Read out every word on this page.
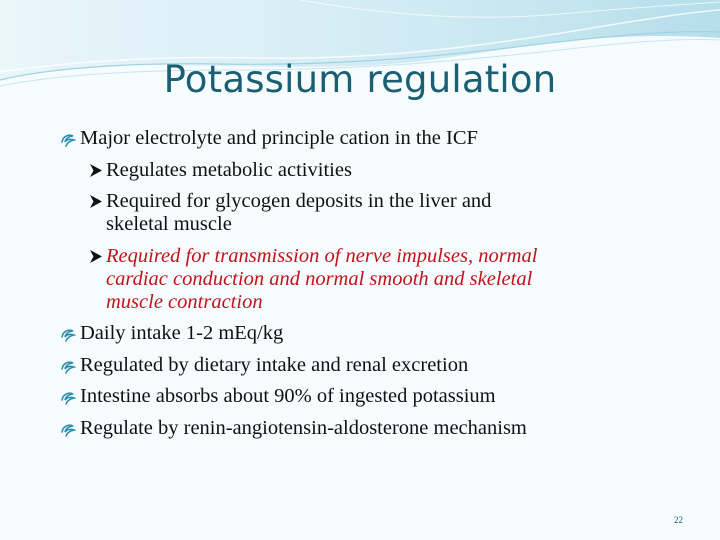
Potassium regulation
Major electrolyte and principle cation in the ICF
Regulates metabolic activities
Required for glycogen deposits in the liver and
skeletal muscle
Required for transmission of nerve impulses, normal
cardiac conduction and normal smooth and skeletal
muscle contraction
Daily intake 1-2 mEq/kg
Regulated by dietary intake and renal excretion
Intestine absorbs about 90% of ingested potassium
Regulate by renin-angiotensin-aldosterone mechanism
22
